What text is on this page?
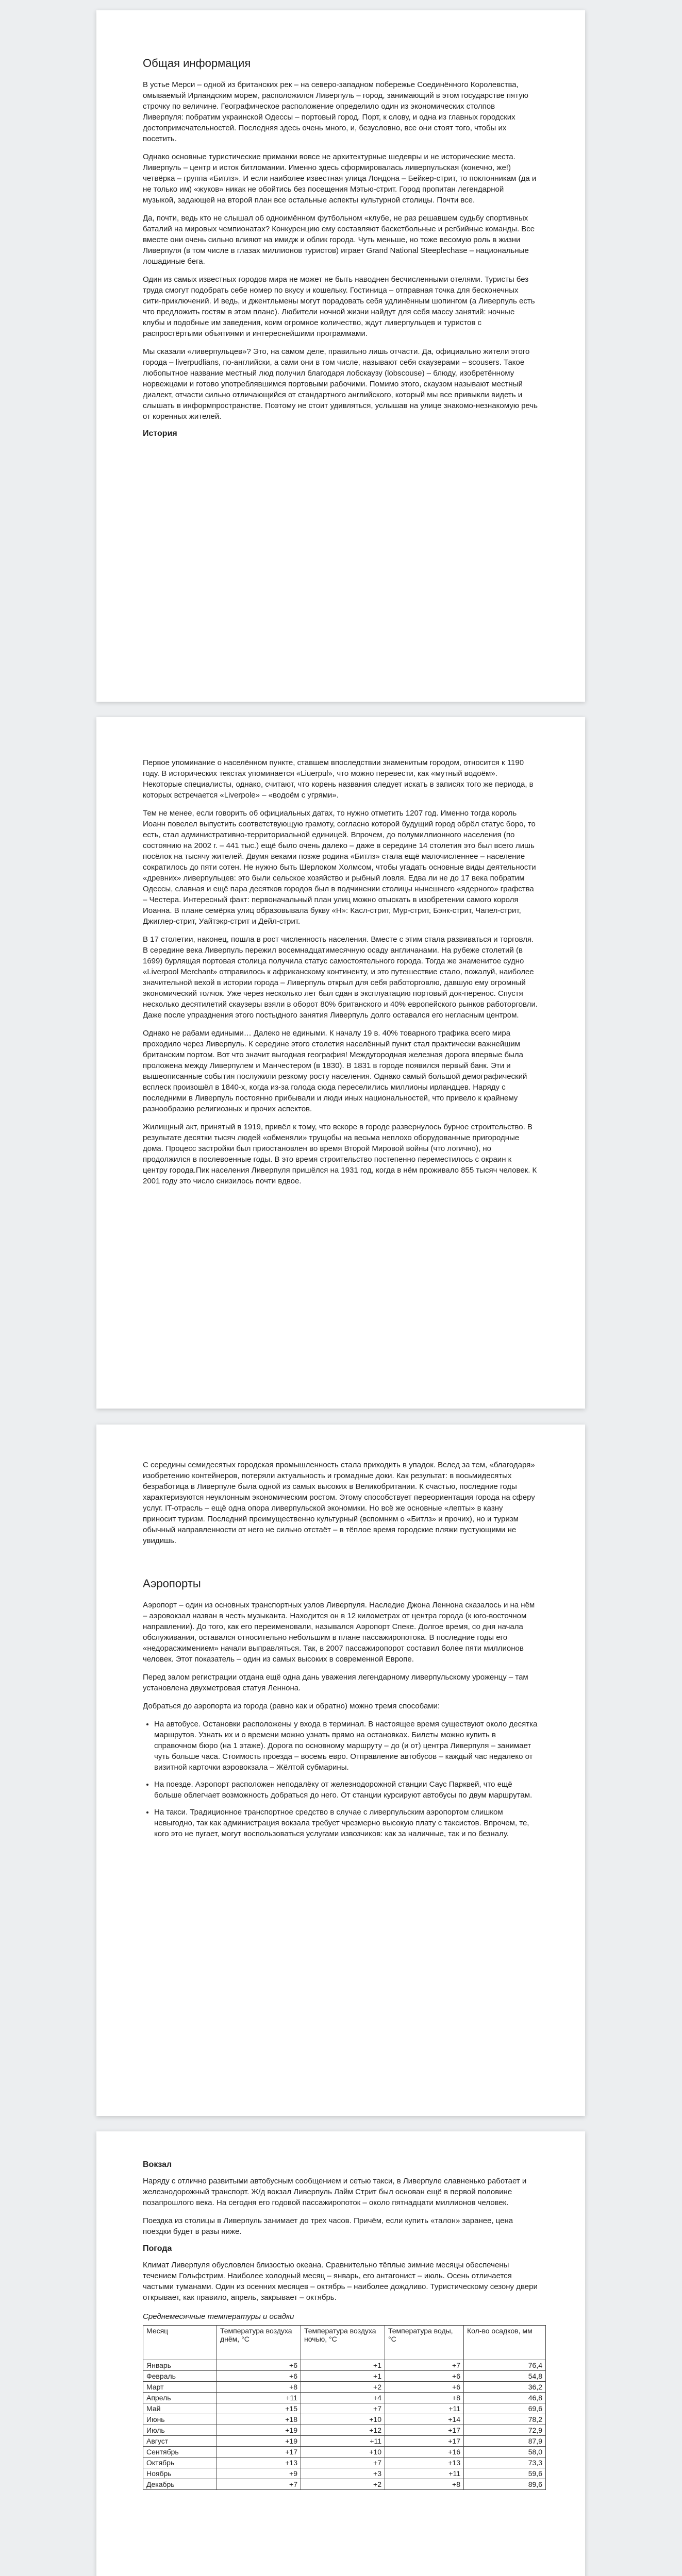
Общая информация

В устье Мерси – одной из британских рек – на северо-западном побережье Соединённого Королевства, омываемый Ирландским морем, расположился Ливерпуль – город, занимающий в этом государстве пятую строчку по величине. Географическое расположение определило один из экономических столпов Ливерпуля: побратим украинской Одессы – портовый город. Порт, к слову, и одна из главных городских достопримечательностей. Последняя здесь очень много, и, безусловно, все они стоят того, чтобы их посетить.

Однако основные туристические приманки вовсе не архитектурные шедевры и не исторические места. Ливерпуль – центр и исток битломании. Именно здесь сформировалась ливерпульская (конечно, же!) четвёрка – группа «Битлз». И если наиболее известная улица Лондона – Бейкер-стрит, то поклонникам (да и не только им) «жуков» никак не обойтись без посещения Мэтью-стрит. Город пропитан легендарной музыкой, задающей на второй план все остальные аспекты культурной столицы. Почти все.

Да, почти, ведь кто не слышал об одноимённом футбольном «клубе, не раз решавшем судьбу спортивных баталий на мировых чемпионатах? Конкуренцию ему составляют баскетбольные и регбийные команды. Все вместе они очень сильно влияют на имидж и облик города. Чуть меньше, но тоже весомую роль в жизни Ливерпуля (в том числе в глазах миллионов туристов) играет Grand National Steeplechase – национальные лошадиные бега.

Один из самых известных городов мира не может не быть наводнен бесчисленными отелями. Туристы без труда смогут подобрать себе номер по вкусу и кошельку. Гостиница – отправная точка для бесконечных сити-приключений. И ведь, и джентльмены могут порадовать себя удлинённым шопингом (а Ливерпуль есть что предложить гостям в этом плане). Любители ночной жизни найдут для себя массу занятий: ночные клубы и подобные им заведения, коим огромное количество, ждут ливерпульцев и туристов с распростёртыми объятиями и интереснейшими программами.

Мы сказали «ливерпульцев»? Это, на самом деле, правильно лишь отчасти. Да, официально жители этого города – liverpudlians, по-английски, а сами они в том числе, называют себя скаузерами – scousers. Такое любопытное название местный люд получил благодаря лобскаузу (lobscouse) – блюду, изобретённому норвежцами и готово употреблявшимся портовыми рабочими. Помимо этого, скаузом называют местный диалект, отчасти сильно отличающийся от стандартного английского, который мы все привыкли видеть и слышать в информпространстве. Поэтому не стоит удивляться, услышав на улице знакомо-незнакомую речь от коренных жителей.

История

Первое упоминание о населённом пункте, ставшем впоследствии знаменитым городом, относится к 1190 году. В исторических текстах упоминается «Liuerpul», что можно перевести, как «мутный водоём». Некоторые специалисты, однако, считают, что корень названия следует искать в записях того же периода, в которых встречается «Liverpole» – «водоём с угрями».

Тем не менее, если говорить об официальных датах, то нужно отметить 1207 год. Именно тогда король Иоанн повелел выпустить соответствующую грамоту, согласно которой будущий город обрёл статус боро, то есть, стал административно-территориальной единицей. Впрочем, до полумиллионного населения (по состоянию на 2002 г. – 441 тыс.) ещё было очень далеко – даже в середине 14 столетия это был всего лишь посёлок на тысячу жителей. Двумя веками позже родина «Битлз» стала ещё малочисленнее – население сократилось до пяти сотен. Не нужно быть Шерлоком Холмсом, чтобы угадать основные виды деятельности «древних» ливерпульцев: это были сельское хозяйство и рыбный ловля. Едва ли не до 17 века побратим Одессы, славная и ещё пара десятков городов был в подчинении столицы нынешнего «ядерного» графства – Честера. Интересный факт: первоначальный план улиц можно отыскать в изобретении самого короля Иоанна. В плане семёрка улиц образовывала букву «Н»: Касл-стрит, Мур-стрит, Бэнк-стрит, Чапел-стрит, Джиглер-стрит, Уайтэкр-стрит и Дейл-стрит.

В 17 столетии, наконец, пошла в рост численность населения. Вместе с этим стала развиваться и торговля. В середине века Ливерпуль пережил восемнадцатимесячную осаду англичанами. На рубеже столетий (в 1699) бурлящая портовая столица получила статус самостоятельного города. Тогда же знаменитое судно «Liverpool Merchant» отправилось к африканскому континенту, и это путешествие стало, пожалуй, наиболее значительной вехой в истории города – Ливерпуль открыл для себя работорговлю, давшую ему огромный экономический толчок. Уже через несколько лет был сдан в эксплуатацию портовый док-перенос. Спустя несколько десятилетий скаузеры взяли в оборот 80% британского и 40% европейского рынков работорговли. Даже после упразднения этого постыдного занятия Ливерпуль долго оставался его негласным центром.

Однако не рабами едиными… Далеко не едиными. К началу 19 в. 40% товарного трафика всего мира проходило через Ливерпуль. К середине этого столетия населённый пункт стал практически важнейшим британским портом. Вот что значит выгодная география! Междугородная железная дорога впервые была проложена между Ливерпулем и Манчестером (в 1830). В 1831 в городе появился первый банк. Эти и вышеописанные события послужили резкому росту населения. Однако самый большой демографический всплеск произошёл в 1840-х, когда из-за голода сюда переселились миллионы ирландцев. Наряду с последними в Ливерпуль постоянно прибывали и люди иных национальностей, что привело к крайнему разнообразию религиозных и прочих аспектов.

Жилищный акт, принятый в 1919, привёл к тому, что вскоре в городе развернулось бурное строительство. В результате десятки тысяч людей «обменяли» трущобы на весьма неплохо оборудованные пригородные дома. Процесс застройки был приостановлен во время Второй Мировой войны (что логично), но продолжился в послевоенные годы. В это время строительство постепенно переместилось с окраин к центру города.Пик населения Ливерпуля пришёлся на 1931 год, когда в нём проживало 855 тысяч человек. К 2001 году это число снизилось почти вдвое.

С середины семидесятых городская промышленность стала приходить в упадок. Вслед за тем, «благодаря» изобретению контейнеров, потеряли актуальность и громадные доки. Как результат: в восьмидесятых безработица в Ливерпуле была одной из самых высоких в Великобритании. К счастью, последние годы характеризуются неуклонным экономическим ростом. Этому способствует переориентация города на сферу услуг. IT-отрасль – ещё одна опора ливерпульской экономики. Но всё же основные «лепты» в казну приносит туризм. Последний преимущественно культурный (вспомним о «Битлз» и прочих), но и туризм обычный направленности от него не сильно отстаёт – в тёплое время городские пляжи пустующими не увидишь.

Аэропорты

Аэропорт – один из основных транспортных узлов Ливерпуля. Наследие Джона Леннона сказалось и на нём – аэровокзал назван в честь музыканта. Находится он в 12 километрах от центра города (к юго-восточном направлении). До того, как его переименовали, назывался Аэропорт Спеке. Долгое время, со дня начала обслуживания, оставался относительно небольшим в плане пассажиропотока. В последние годы его «недорасжимением» начали выправляться. Так, в 2007 пассажиропорот составил более пяти миллионов человек. Этот показатель – один из самых высоких в современной Европе.

Перед залом регистрации отдана ещё одна дань уважения легендарному ливерпульскому уроженцу – там установлена двухметровая статуя Леннона.

Добраться до аэропорта из города (равно как и обратно) можно тремя способами:

• На автобусе. Остановки расположены у входа в терминал. В настоящее время существуют около десятка маршрутов. Узнать их и о времени можно узнать прямо на остановках. Билеты можно купить в справочном бюро (на 1 этаже). Дорога по основному маршруту – до (и от) центра Ливерпуля – занимает чуть больше часа. Стоимость проезда – восемь евро. Отправление автобусов – каждый час недалеко от визитной карточки аэровокзала – Жёлтой субмарины.
• На поезде. Аэропорт расположен неподалёку от железнодорожной станции Саус Парквей, что ещё больше облегчает возможность добраться до него. От станции курсируют автобусы по двум маршрутам.
• На такси. Традиционное транспортное средство в случае с ливерпульским аэропортом слишком невыгодно, так как администрация вокзала требует чрезмерно высокую плату с таксистов. Впрочем, те, кого это не пугает, могут воспользоваться услугами извозчиков: как за наличные, так и по безналу.
Вокзал

Наряду с отлично развитыми автобусным сообщением и сетью такси, в Ливерпуле славненько работает и железнодорожный транспорт. Ж/д вокзал Ливерпуль Лайм Стрит был основан ещё в первой половине позапрошлого века. На сегодня его годовой пассажиропоток – около пятнадцати миллионов человек.

Поездка из столицы в Ливерпуль занимает до трех часов. Причём, если купить «талон» заранее, цена поездки будет в разы ниже.

Погода

Климат Ливерпуля обусловлен близостью океана. Сравнительно тёплые зимние месяцы обеспечены течением Гольфстрим. Наиболее холодный месяц – январь, его антагонист – июль. Осень отличается частыми туманами. Один из осенних месяцев – октябрь – наиболее дождливо. Туристическому сезону двери открывает, как правило, апрель, закрывает – октябрь.

Среднемесячные температуры и осадки
Месяц	Температура воздуха днём, °С	Температура воздуха ночью, °С	Температура воды, °С	Кол-во осадков, мм
Январь	+6	+1	+7	76,4
Февраль	+6	+1	+6	54,8
Март	+8	+2	+6	36,2
Апрель	+11	+4	+8	46,8
Май	+15	+7	+11	69,6
Июнь	+18	+10	+14	78,2
Июль	+19	+12	+17	72,9
Август	+19	+11	+17	87,9
Сентябрь	+17	+10	+16	58,0
Октябрь	+13	+7	+13	73,3
Ноябрь	+9	+3	+11	59,6
Декабрь	+7	+2	+8	89,6
